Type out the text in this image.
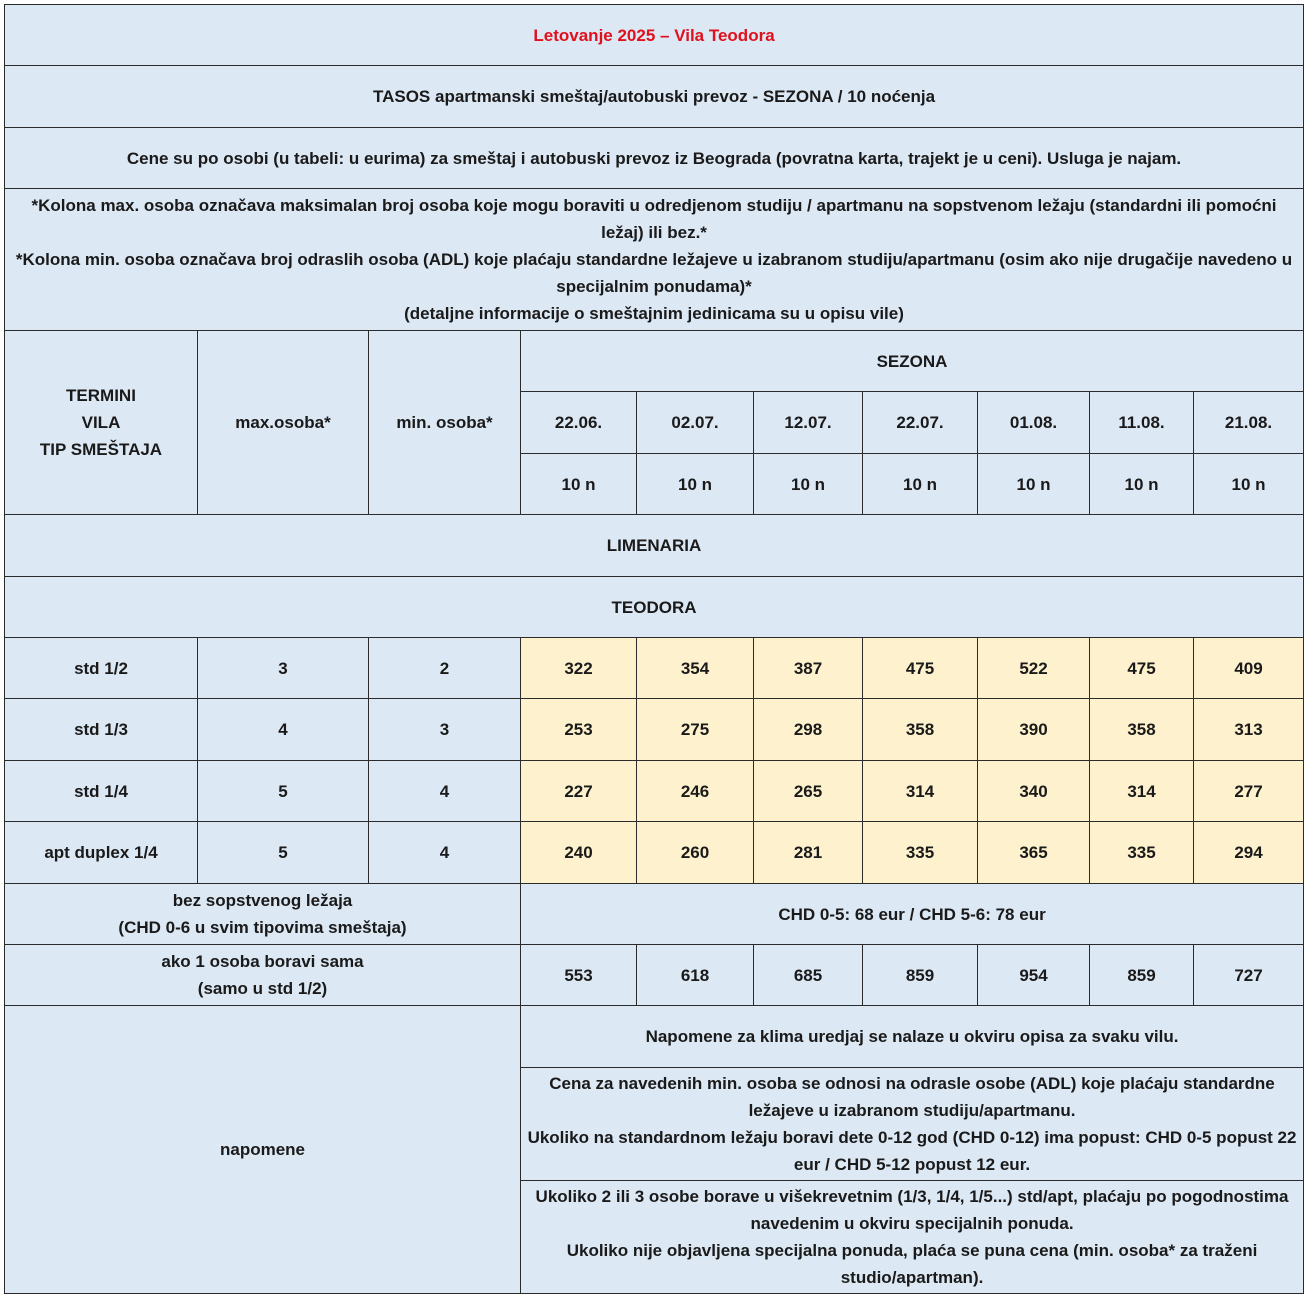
Letovanje 2025 – Vila Teodora									
TASOS apartmanski smeštaj/autobuski prevoz - SEZONA / 10 noćenja									
Cene su po osobi (u tabeli: u eurima) za smeštaj i autobuski prevoz iz Beograda (povratna karta, trajekt je u ceni). Usluga je najam.									

*Kolona max. osoba označava maksimalan broj osoba koje mogu boraviti u odredjenom studiju / apartmanu na sopstvenom ležaju (standardni ili pomoćni ležaj) ili bez.*
*Kolona min. osoba označava broj odraslih osoba (ADL) koje plaćaju standardne ležajeve u izabranom studiju/apartmanu (osim ako nije drugačije navedeno u specijalnim ponudama)*
(detaljne informacije o smeštajnim jedinicama su u opisu vile)									

TERMINI
VILA
TIP SMEŠTAJA	max.osoba*	min. osoba*	SEZONA						
			22.06.	02.07.	12.07.	22.07.	01.08.	11.08.	21.08.
			10 n	10 n	10 n	10 n	10 n	10 n	10 n
LIMENARIA									
TEODORA									
std 1/2	3	2	322	354	387	475	522	475	409
std 1/3	4	3	253	275	298	358	390	358	313
std 1/4	5	4	227	246	265	314	340	314	277
apt duplex 1/4	5	4	240	260	281	335	365	335	294

bez sopstvenog ležaja
(CHD 0-6 u svim tipovima smeštaja)			CHD 0-5: 68 eur / CHD 5-6: 78 eur						

ako 1 osoba boravi sama
(samo u std 1/2)			553	618	685	859	954	859	727
napomene			Napomene za klima uredjaj se nalaze u okviru opisa za svaku vilu.						

			Cena za navedenih min. osoba se odnosi na odrasle osobe (ADL) koje plaćaju standardne ležajeve u izabranom studiju/apartmanu.
Ukoliko na standardnom ležaju boravi dete 0-12 god (CHD 0-12) ima popust: CHD 0-5 popust 22 eur / CHD 5-12 popust 12 eur.						

			Ukoliko 2 ili 3 osobe borave u višekrevetnim (1/3, 1/4, 1/5...) std/apt, plaćaju po pogodnostima navedenim u okviru specijalnih ponuda.
Ukoliko nije objavljena specijalna ponuda, plaća se puna cena (min. osoba* za traženi studio/apartman).						
